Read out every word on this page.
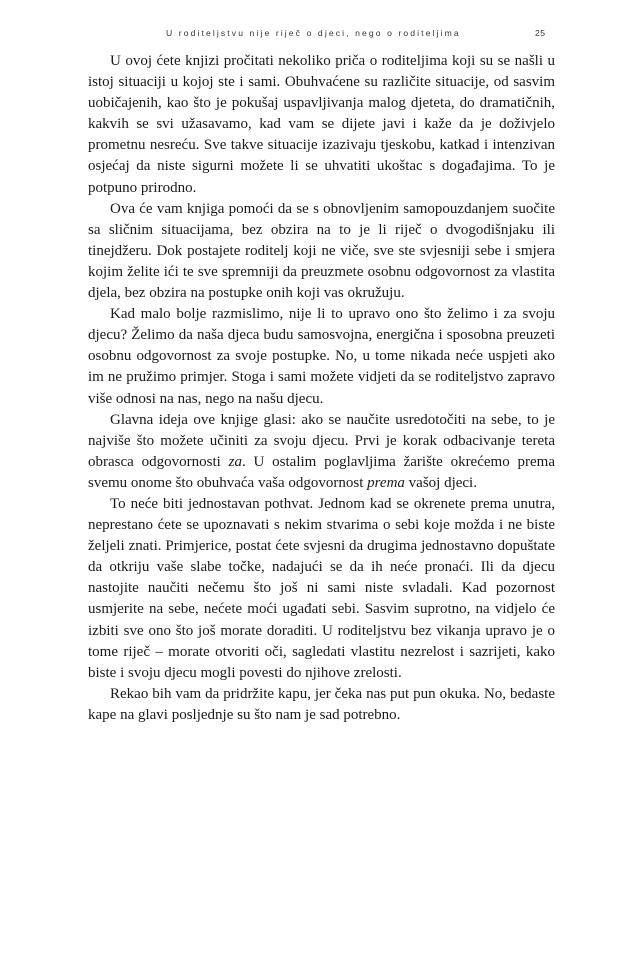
U roditeljstvu nije riječ o djeci, nego o roditeljima	25

U ovoj ćete knjizi pročitati nekoliko priča o roditeljima koji su se našli u istoj situaciji u kojoj ste i sami. Obuhvaćene su različite situacije, od sasvim uobičajenih, kao što je pokušaj uspavljivanja malog djeteta, do dramatičnih, kakvih se svi užasavamo, kad vam se dijete javi i kaže da je doživjelo prometnu nesreću. Sve takve situacije izazivaju tjeskobu, katkad i intenzivan osjećaj da niste sigurni možete li se uhvatiti ukoštac s događajima. To je potpuno prirodno.

Ova će vam knjiga pomoći da se s obnovljenim samopouzdanjem suočite sa sličnim situacijama, bez obzira na to je li riječ o dvogodišnjaku ili tinejdžeru. Dok postajete roditelj koji ne viče, sve ste svjesniji sebe i smjera kojim želite ići te sve spremniji da preuzmete osobnu odgovornost za vlastita djela, bez obzira na postupke onih koji vas okružuju.

Kad malo bolje razmislimo, nije li to upravo ono što želimo i za svoju djecu? Želimo da naša djeca budu samosvojna, energična i sposobna preuzeti osobnu odgovornost za svoje postupke. No, u tome nikada neće uspjeti ako im ne pružimo primjer. Stoga i sami možete vidjeti da se roditeljstvo zapravo više odnosi na nas, nego na našu djecu.

Glavna ideja ove knjige glasi: ako se naučite usredotočiti na sebe, to je najviše što možete učiniti za svoju djecu. Prvi je korak odbacivanje tereta obrasca odgovornosti za. U ostalim poglavljima žarište okrećemo prema svemu onome što obuhvaća vaša odgovornost prema vašoj djeci.

To neće biti jednostavan pothvat. Jednom kad se okrenete prema unutra, neprestano ćete se upoznavati s nekim stvarima o sebi koje možda i ne biste željeli znati. Primjerice, postat ćete svjesni da drugima jednostavno dopuštate da otkriju vaše slabe točke, nadajući se da ih neće pronaći. Ili da djecu nastojite naučiti nečemu što još ni sami niste svladali. Kad pozornost usmjerite na sebe, nećete moći ugađati sebi. Sasvim suprotno, na vidjelo će izbiti sve ono što još morate doraditi. U roditeljstvu bez vikanja upravo je o tome riječ – morate otvoriti oči, sagledati vlastitu nezrelost i sazrijeti, kako biste i svoju djecu mogli povesti do njihove zrelosti.

Rekao bih vam da pridržite kapu, jer čeka nas put pun okuka. No, bedaste kape na glavi posljednje su što nam je sad potrebno.
